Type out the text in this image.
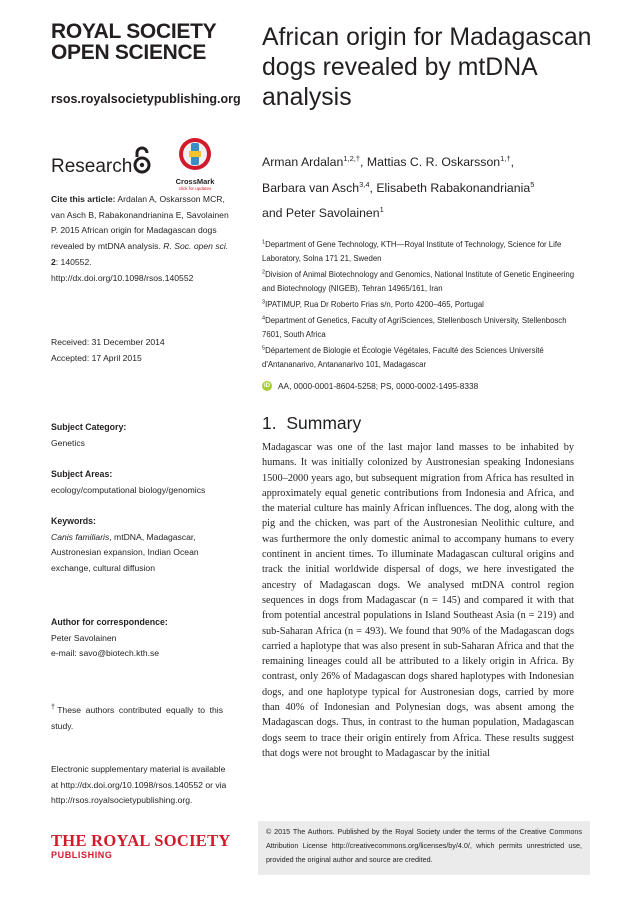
ROYAL SOCIETY
OPEN SCIENCE
rsos.royalsocietypublishing.org
Research
CrossMark
click for updates

Cite this article: Ardalan A, Oskarsson MCR, van Asch B, Rabakonandrianina E, Savolainen P. 2015 African origin for Madagascan dogs revealed by mtDNA analysis. R. Soc. open sci. 2: 140552. http://dx.doi.org/10.1098/rsos.140552

Received: 31 December 2014

Accepted: 17 April 2015

Subject Category:

Genetics

Subject Areas:

ecology/computational biology/genomics

Keywords:

Canis familiaris, mtDNA, Madagascar, Austronesian expansion, Indian Ocean exchange, cultural diffusion

Author for correspondence:

Peter Savolainen

e-mail: savo@biotech.kth.se

†These authors contributed equally to this study.

Electronic supplementary material is available at http://dx.doi.org/10.1098/rsos.140552 or via http://rsos.royalsocietypublishing.org.

THE ROYAL SOCIETY
PUBLISHING
African origin for Madagascan dogs revealed by mtDNA analysis
Arman Ardalan$^{1,2,\dagger}$, Mattias C. R. Oskarsson$^{1,\dagger}$,
Barbara van Asch$^{3,4}$, Elisabeth Rabakonandriania$^5$
and Peter Savolainen$^1$

$^1$Department of Gene Technology, KTH—Royal Institute of Technology, Science for Life Laboratory, Solna 171 21, Sweden

$^2$Division of Animal Biotechnology and Genomics, National Institute of Genetic Engineering and Biotechnology (NIGEB), Tehran 14965/161, Iran

$^3$IPATIMUP, Rua Dr Roberto Frias s/n, Porto 4200–465, Portugal

$^4$Department of Genetics, Faculty of AgriSciences, Stellenbosch University, Stellenbosch 7601, South Africa

$^5$Département de Biologie et Écologie Végétales, Faculté des Sciences Université d'Antananarivo, Antananarivo 101, Madagascar

iD AA, 0000-0001-8604-5258; PS, 0000-0002-1495-8338
1. Summary

Madagascar was one of the last major land masses to be inhabited by humans. It was initially colonized by Austronesian speaking Indonesians 1500–2000 years ago, but subsequent migration from Africa has resulted in approximately equal genetic contributions from Indonesia and Africa, and the material culture has mainly African influences. The dog, along with the pig and the chicken, was part of the Austronesian Neolithic culture, and was furthermore the only domestic animal to accompany humans to every continent in ancient times. To illuminate Madagascan cultural origins and track the initial worldwide dispersal of dogs, we here investigated the ancestry of Madagascan dogs. We analysed mtDNA control region sequences in dogs from Madagascar (n = 145) and compared it with that from potential ancestral populations in Island Southeast Asia (n = 219) and sub-Saharan Africa (n = 493). We found that 90% of the Madagascan dogs carried a haplotype that was also present in sub-Saharan Africa and that the remaining lineages could all be attributed to a likely origin in Africa. By contrast, only 26% of Madagascan dogs shared haplotypes with Indonesian dogs, and one haplotype typical for Austronesian dogs, carried by more than 40% of Indonesian and Polynesian dogs, was absent among the Madagascan dogs. Thus, in contrast to the human population, Madagascan dogs seem to trace their origin entirely from Africa. These results suggest that dogs were not brought to Madagascar by the initial

© 2015 The Authors. Published by the Royal Society under the terms of the Creative Commons Attribution License http://creativecommons.org/licenses/by/4.0/, which permits unrestricted use, provided the original author and source are credited.
